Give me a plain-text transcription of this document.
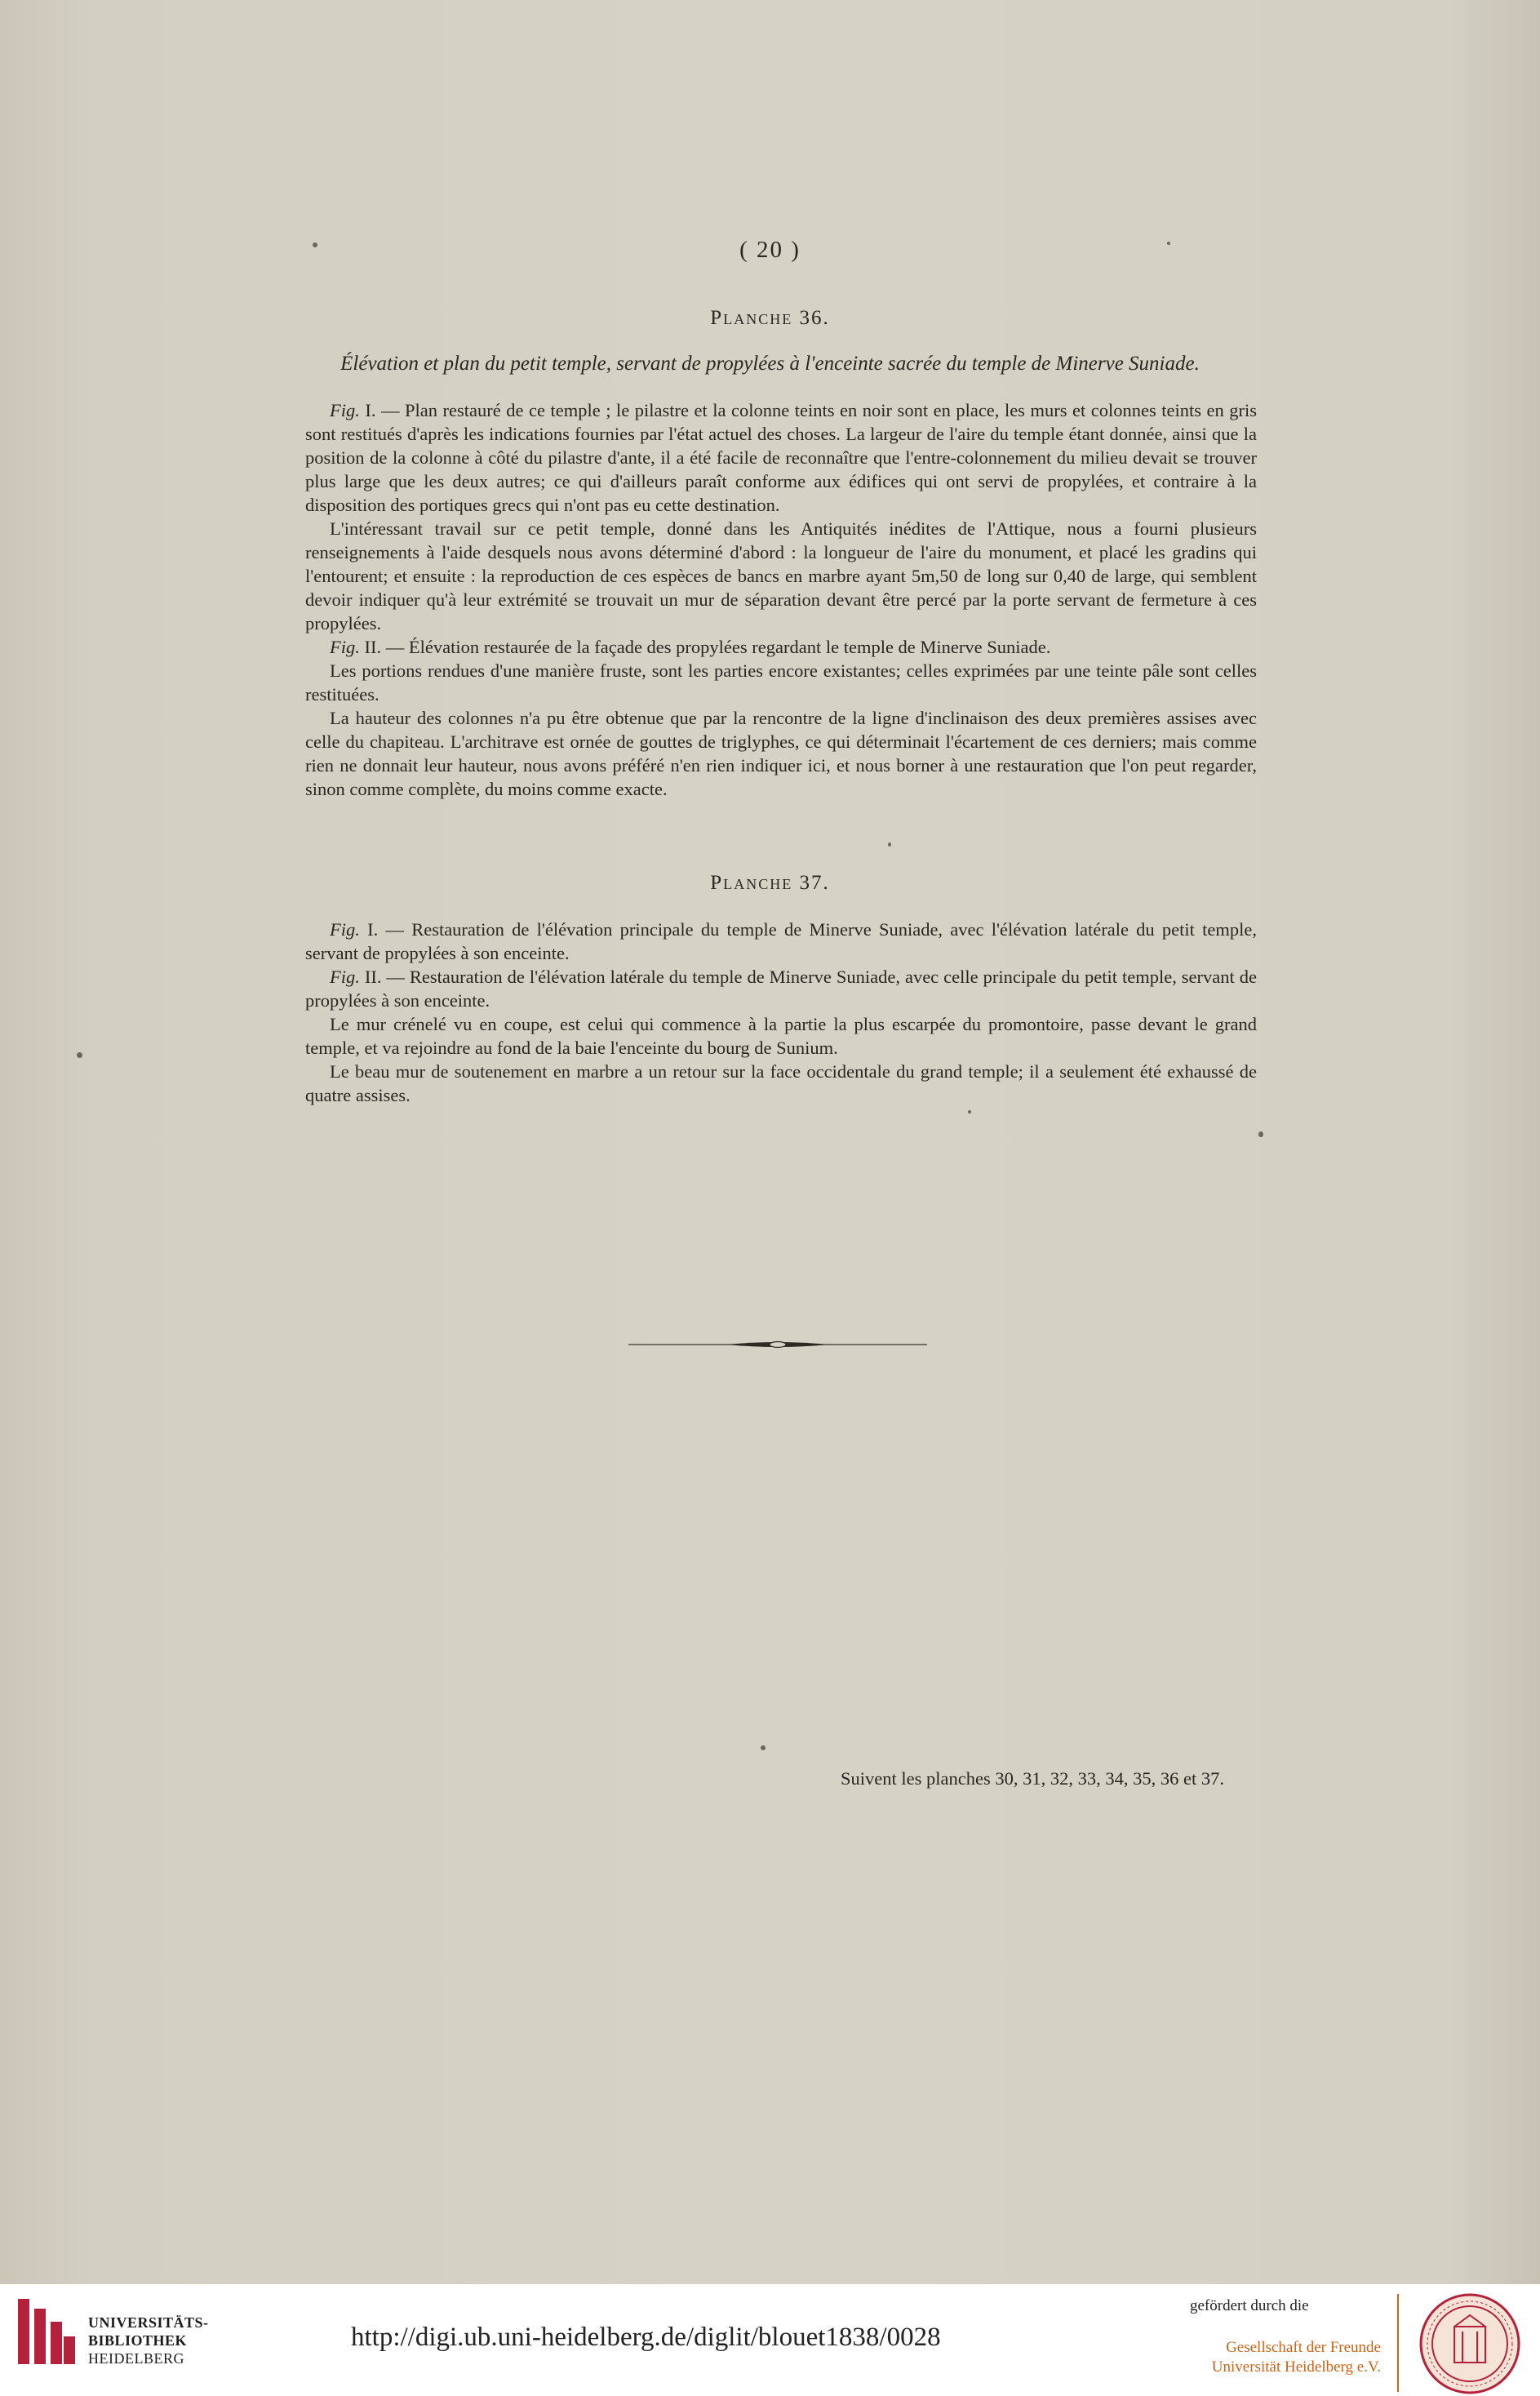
( 20 )
Planche 36.
Élévation et plan du petit temple, servant de propylées à l'enceinte sacrée du temple de Minerve Suniade.

Fig. I. — Plan restauré de ce temple ; le pilastre et la colonne teints en noir sont en place, les murs et colonnes teints en gris sont restitués d'après les indications fournies par l'état actuel des choses. La largeur de l'aire du temple étant donnée, ainsi que la position de la colonne à côté du pilastre d'ante, il a été facile de reconnaître que l'entre-colonnement du milieu devait se trouver plus large que les deux autres; ce qui d'ailleurs paraît conforme aux édifices qui ont servi de propylées, et contraire à la disposition des portiques grecs qui n'ont pas eu cette destination.

L'intéressant travail sur ce petit temple, donné dans les Antiquités inédites de l'Attique, nous a fourni plusieurs renseignements à l'aide desquels nous avons déterminé d'abord : la longueur de l'aire du monument, et placé les gradins qui l'entourent; et ensuite : la reproduction de ces espèces de bancs en marbre ayant 5m,50 de long sur 0,40 de large, qui semblent devoir indiquer qu'à leur extrémité se trouvait un mur de séparation devant être percé par la porte servant de fermeture à ces propylées.

Fig. II. — Élévation restaurée de la façade des propylées regardant le temple de Minerve Suniade.

Les portions rendues d'une manière fruste, sont les parties encore existantes; celles exprimées par une teinte pâle sont celles restituées.

La hauteur des colonnes n'a pu être obtenue que par la rencontre de la ligne d'inclinaison des deux premières assises avec celle du chapiteau. L'architrave est ornée de gouttes de triglyphes, ce qui déterminait l'écartement de ces derniers; mais comme rien ne donnait leur hauteur, nous avons préféré n'en rien indiquer ici, et nous borner à une restauration que l'on peut regarder, sinon comme complète, du moins comme exacte.

Planche 37.

Fig. I. — Restauration de l'élévation principale du temple de Minerve Suniade, avec l'élévation latérale du petit temple, servant de propylées à son enceinte.

Fig. II. — Restauration de l'élévation latérale du temple de Minerve Suniade, avec celle principale du petit temple, servant de propylées à son enceinte.

Le mur crénelé vu en coupe, est celui qui commence à la partie la plus escarpée du promontoire, passe devant le grand temple, et va rejoindre au fond de la baie l'enceinte du bourg de Sunium.

Le beau mur de soutenement en marbre a un retour sur la face occidentale du grand temple; il a seulement été exhaussé de quatre assises.

Suivent les planches 30, 31, 32, 33, 34, 35, 36 et 37.
UNIVERSITÄTS-
BIBLIOTHEK
HEIDELBERG
http://digi.ub.uni-heidelberg.de/diglit/blouet1838/0028
gefördert durch die
Gesellschaft der Freunde
Universität Heidelberg e.V.
